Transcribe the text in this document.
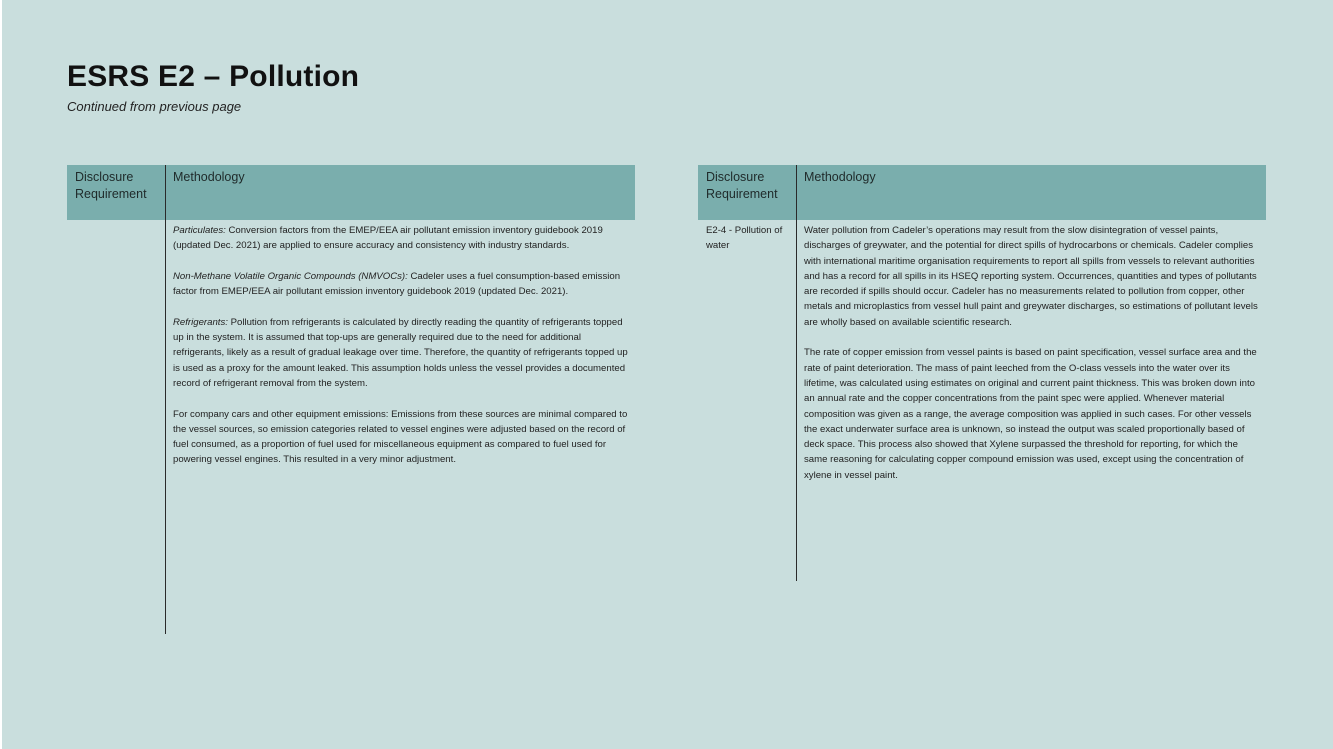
ESRS E2 – Pollution
Continued from previous page
Disclosure Requirement
Methodology

Particulates: Conversion factors from the EMEP/EEA air pollutant emission inventory guidebook 2019 (updated Dec. 2021) are applied to ensure accuracy and consistency with industry standards.

Non-Methane Volatile Organic Compounds (NMVOCs): Cadeler uses a fuel consumption-based emission factor from EMEP/EEA air pollutant emission inventory guidebook 2019 (updated Dec. 2021).

Refrigerants: Pollution from refrigerants is calculated by directly reading the quantity of refrigerants topped up in the system. It is assumed that top-ups are generally required due to the need for additional refrigerants, likely as a result of gradual leakage over time. Therefore, the quantity of refrigerants topped up is used as a proxy for the amount leaked. This assumption holds unless the vessel provides a documented record of refrigerant removal from the system.

For company cars and other equipment emissions: Emissions from these sources are minimal compared to the vessel sources, so emission categories related to vessel engines were adjusted based on the record of fuel consumed, as a proportion of fuel used for miscellaneous equipment as compared to fuel used for powering vessel engines. This resulted in a very minor adjustment.

Disclosure Requirement
Methodology
E2-4 - Pollution of water

Water pollution from Cadeler’s operations may result from the slow disintegration of vessel paints, discharges of greywater, and the potential for direct spills of hydrocarbons or chemicals. Cadeler complies with international maritime organisation requirements to report all spills from vessels to relevant authorities and has a record for all spills in its HSEQ reporting system. Occurrences, quantities and types of pollutants are recorded if spills should occur. Cadeler has no measurements related to pollution from copper, other metals and microplastics from vessel hull paint and greywater discharges, so estimations of pollutant levels are wholly based on available scientific research.

The rate of copper emission from vessel paints is based on paint specification, vessel surface area and the rate of paint deterioration. The mass of paint leeched from the O-class vessels into the water over its lifetime, was calculated using estimates on original and current paint thickness. This was broken down into an annual rate and the copper concentrations from the paint spec were applied. Whenever material composition was given as a range, the average composition was applied in such cases. For other vessels the exact underwater surface area is unknown, so instead the output was scaled proportionally based of deck space. This process also showed that Xylene surpassed the threshold for reporting, for which the same reasoning for calculating copper compound emission was used, except using the concentration of xylene in vessel paint.
